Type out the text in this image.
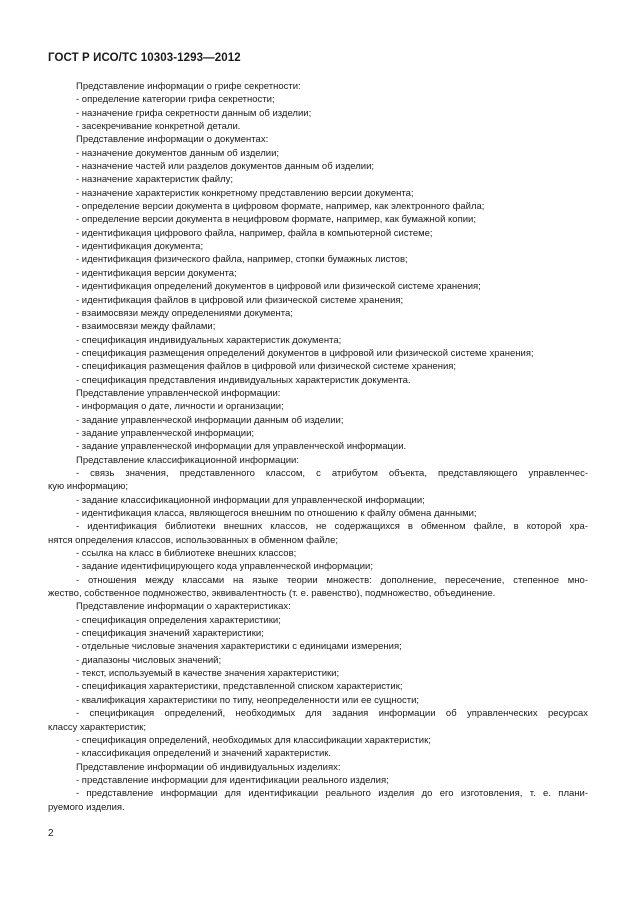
ГОСТ Р ИСО/ТС 10303-1293—2012
Представление информации о грифе секретности:
- определение категории грифа секретности;
- назначение грифа секретности данным об изделии;
- засекречивание конкретной детали.
Представление информации о документах:
- назначение документов данным об изделии;
- назначение частей или разделов документов данным об изделии;
- назначение характеристик файлу;
- назначение характеристик конкретному представлению версии документа;
- определение версии документа в цифровом формате, например, как электронного файла;
- определение версии документа в нецифровом формате, например, как бумажной копии;
- идентификация цифрового файла, например, файла в компьютерной системе;
- идентификация документа;
- идентификация физического файла, например, стопки бумажных листов;
- идентификация версии документа;
- идентификация определений документов в цифровой или физической системе хранения;
- идентификация файлов в цифровой или физической системе хранения;
- взаимосвязи между определениями документа;
- взаимосвязи между файлами;
- спецификация индивидуальных характеристик документа;
- спецификация размещения определений документов в цифровой или физической системе хранения;
- спецификация размещения файлов в цифровой или физической системе хранения;
- спецификация представления индивидуальных характеристик документа.
Представление управленческой информации:
- информация о дате, личности и организации;
- задание управленческой информации данным об изделии;
- задание управленческой информации;
- задание управленческой информации для управленческой информации.
Представление классификационной информации:
- связь значения, представленного классом, с атрибутом объекта, представляющего управленчес-
кую информацию;
- задание классификационной информации для управленческой информации;
- идентификация класса, являющегося внешним по отношению к файлу обмена данными;
- идентификация библиотеки внешних классов, не содержащихся в обменном файле, в которой хра-
нятся определения классов, использованных в обменном файле;
- ссылка на класс в библиотеке внешних классов;
- задание идентифицирующего кода управленческой информации;
- отношения между классами на языке теории множеств: дополнение, пересечение, степенное мно-
жество, собственное подмножество, эквивалентность (т. е. равенство), подмножество, объединение.
Представление информации о характеристиках:
- спецификация определения характеристики;
- спецификация значений характеристики;
- отдельные числовые значения характеристики с единицами измерения;
- диапазоны числовых значений;
- текст, используемый в качестве значения характеристики;
- спецификация характеристики, представленной списком характеристик;
- квалификация характеристики по типу, неопределенности или ее сущности;
- спецификация определений, необходимых для задания информации об управленческих ресурсах
классу характеристик;
- спецификация определений, необходимых для классификации характеристик;
- классификация определений и значений характеристик.
Представление информации об индивидуальных изделиях:
- представление информации для идентификации реального изделия;
- представление информации для идентификации реального изделия до его изготовления, т. е. плани-
руемого изделия.
2
